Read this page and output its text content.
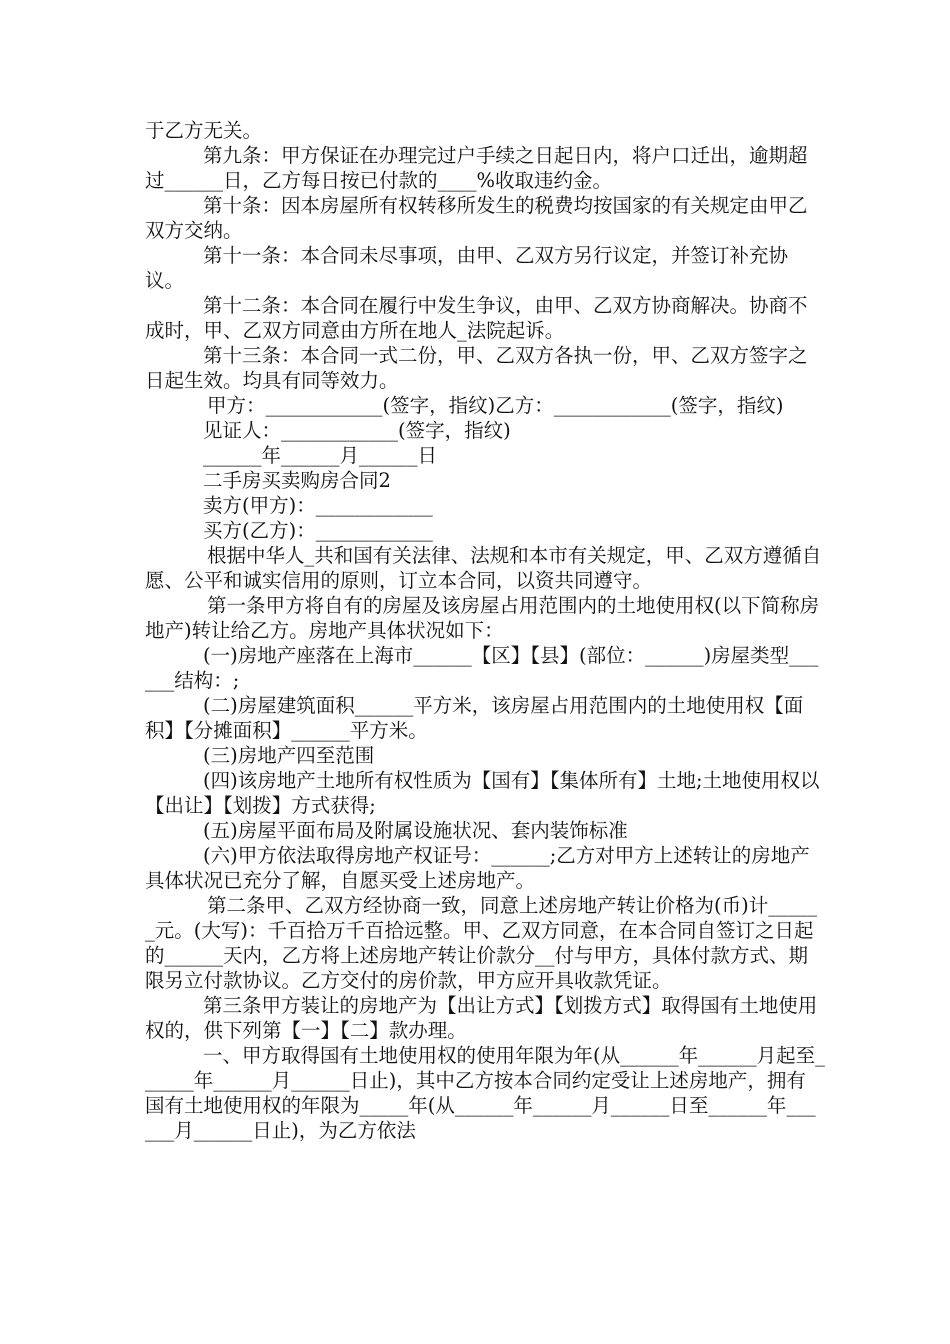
于乙方无关。

第九条：甲方保证在办理完过户手续之日起日内，将户口迁出，逾期超过______日，乙方每日按已付款的____%收取违约金。

第十条：因本房屋所有权转移所发生的税费均按国家的有关规定由甲乙双方交纳。

第十一条：本合同未尽事项，由甲、乙双方另行议定，并签订补充协议。

第十二条：本合同在履行中发生争议，由甲、乙双方协商解决。协商不成时，甲、乙双方同意由方所在地人_法院起诉。

第十三条：本合同一式二份，甲、乙双方各执一份，甲、乙双方签字之日起生效。均具有同等效力。

甲方：____________(签字，指纹)乙方：____________(签字，指纹)

见证人：____________(签字，指纹)

______年______月______日

二手房买卖购房合同2

卖方(甲方)：____________

买方(乙方)：____________

根据中华人_共和国有关法律、法规和本市有关规定，甲、乙双方遵循自愿、公平和诚实信用的原则，订立本合同，以资共同遵守。

第一条甲方将自有的房屋及该房屋占用范围内的土地使用权(以下简称房地产)转让给乙方。房地产具体状况如下：

(一)房地产座落在上海市______【区】【县】(部位：______)房屋类型______结构：;

(二)房屋建筑面积______平方米，该房屋占用范围内的土地使用权【面积】【分摊面积】______平方米。

(三)房地产四至范围

(四)该房地产土地所有权性质为【国有】【集体所有】土地;土地使用权以【出让】【划拨】方式获得;

(五)房屋平面布局及附属设施状况、套内装饰标准

(六)甲方依法取得房地产权证号：______;乙方对甲方上述转让的房地产具体状况已充分了解，自愿买受上述房地产。

第二条甲、乙双方经协商一致，同意上述房地产转让价格为(币)计______元。(大写)：千百拾万千百拾远整。甲、乙双方同意，在本合同自签订之日起的______天内，乙方将上述房地产转让价款分__付与甲方，具体付款方式、期限另立付款协议。乙方交付的房价款，甲方应开具收款凭证。

第三条甲方装让的房地产为【出让方式】【划拨方式】取得国有土地使用权的，供下列第【一】【二】款办理。

一、甲方取得国有土地使用权的使用年限为年(从______年______月起至______年______月______日止)，其中乙方按本合同约定受让上述房地产，拥有国有土地使用权的年限为_____年(从______年______月______日至______年______月______日止)，为乙方依法
